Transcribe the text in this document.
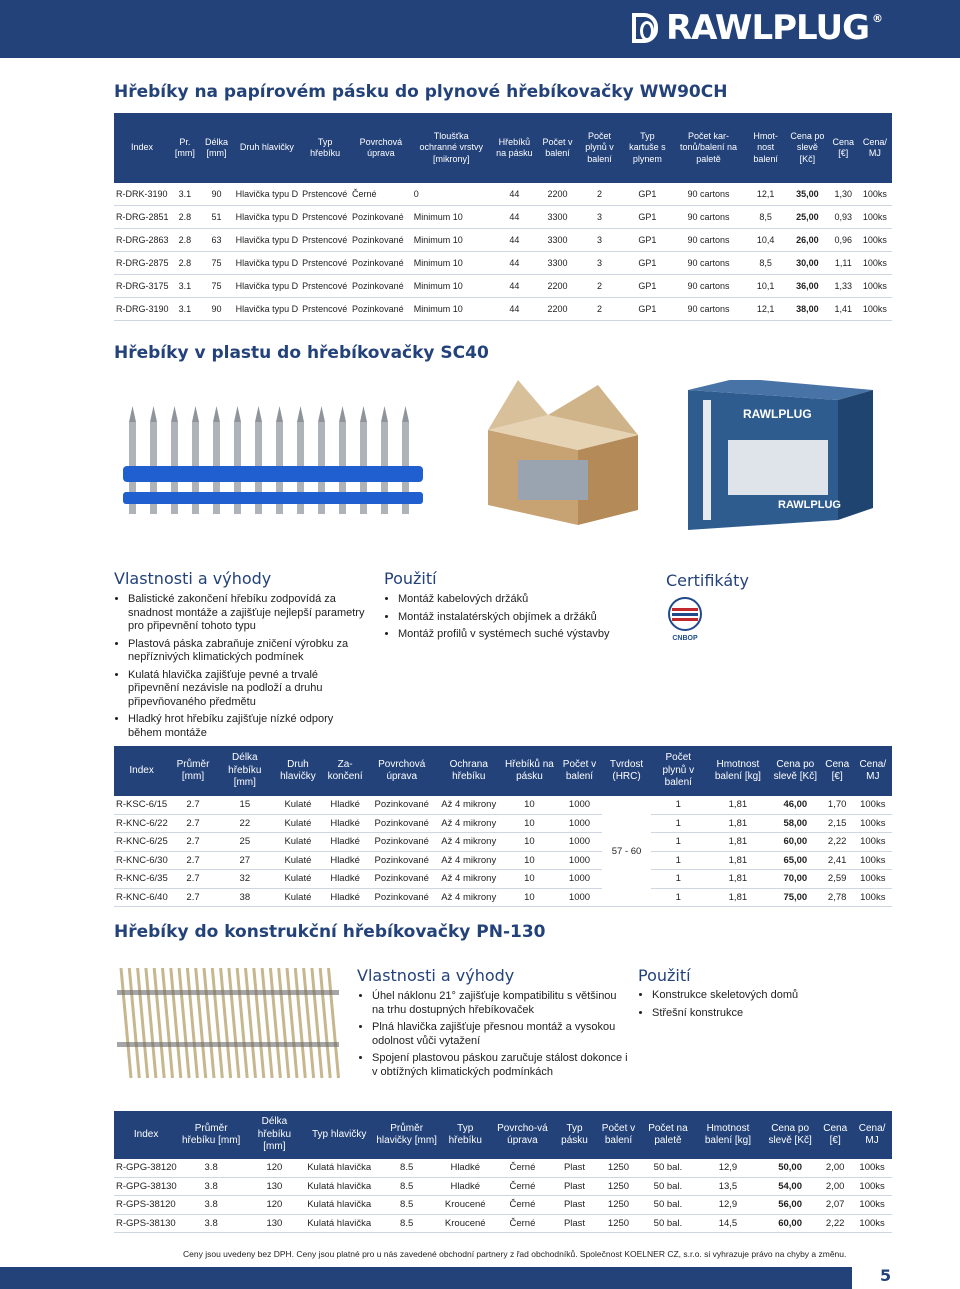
RAWLPLUG ®
Hřebíky na papírovém pásku do plynové hřebíkovačky WW90CH
Index	Pr. [mm]	Délka [mm]	Druh hlavičky	Typ hřebíku	Povrchová úprava	Tloušťka ochranné vrstvy [mikrony]	Hřebíků na pásku	Počet v balení	Počet plynů v balení	Typ kartuše s plynem	Počet kar-tonů/balení na paletě	Hmot-nost balení	Cena po slevě [Kč]	Cena [€]	Cena/ MJ
R-DRK-3190	3.1	90	Hlavička typu D	Prstencové	Černé	0	44	2200	2	GP1	90 cartons	12,1	35,00	1,30	100ks
R-DRG-2851	2.8	51	Hlavička typu D	Prstencové	Pozinkované	Minimum 10	44	3300	3	GP1	90 cartons	8,5	25,00	0,93	100ks
R-DRG-2863	2.8	63	Hlavička typu D	Prstencové	Pozinkované	Minimum 10	44	3300	3	GP1	90 cartons	10,4	26,00	0,96	100ks
R-DRG-2875	2.8	75	Hlavička typu D	Prstencové	Pozinkované	Minimum 10	44	3300	3	GP1	90 cartons	8,5	30,00	1,11	100ks
R-DRG-3175	3.1	75	Hlavička typu D	Prstencové	Pozinkované	Minimum 10	44	2200	2	GP1	90 cartons	10,1	36,00	1,33	100ks
R-DRG-3190	3.1	90	Hlavička typu D	Prstencové	Pozinkované	Minimum 10	44	2200	2	GP1	90 cartons	12,1	38,00	1,41	100ks
Hřebíky v plastu do hřebíkovačky SC40
RAWLPLUG
RAWLPLUG
Vlastnosti a výhody
• Balistické zakončení hřebíku zodpovídá za snadnost montáže a zajišťuje nejlepší parametry pro připevnění tohoto typu
• Plastová páska zabraňuje zničení výrobku za nepříznivých klimatických podmínek
• Kulatá hlavička zajišťuje pevné a trvalé připevnění nezávisle na podloží a druhu připevňovaného předmětu
• Hladký hrot hřebíku zajišťuje nízké odpory během montáže
Použití
• Montáž kabelových držáků
• Montáž instalatérských objímek a držáků
• Montáž profilů v systémech suché výstavby
Certifikáty
CNBOP
Index	Průměr [mm]	Délka hřebíku [mm]	Druh hlavičky	Za-končení	Povrchová úprava	Ochrana hřebíku	Hřebíků na pásku	Počet v balení	Tvrdost (HRC)	Počet plynů v balení	Hmotnost balení [kg]	Cena po slevě [Kč]	Cena [€]	Cena/ MJ
R-KSC-6/15	2.7	15	Kulaté	Hladké	Pozinkované	Až 4 mikrony	10	1000	57 - 60	1	1,81	46,00	1,70	100ks
R-KNC-6/22	2.7	22	Kulaté	Hladké	Pozinkované	Až 4 mikrony	10	1000		1	1,81	58,00	2,15	100ks
R-KNC-6/25	2.7	25	Kulaté	Hladké	Pozinkované	Až 4 mikrony	10	1000		1	1,81	60,00	2,22	100ks
R-KNC-6/30	2.7	27	Kulaté	Hladké	Pozinkované	Až 4 mikrony	10	1000		1	1,81	65,00	2,41	100ks
R-KNC-6/35	2.7	32	Kulaté	Hladké	Pozinkované	Až 4 mikrony	10	1000		1	1,81	70,00	2,59	100ks
R-KNC-6/40	2.7	38	Kulaté	Hladké	Pozinkované	Až 4 mikrony	10	1000		1	1,81	75,00	2,78	100ks
Hřebíky do konstrukční hřebíkovačky PN-130
Vlastnosti a výhody
• Úhel náklonu 21° zajišťuje kompatibilitu s většinou na trhu dostupných hřebíkovaček
• Plná hlavička zajišťuje přesnou montáž a vysokou odolnost vůči vytažení
• Spojení plastovou páskou zaručuje stálost dokonce i v obtížných klimatických podmínkách
Použití
• Konstrukce skeletových domů
• Střešní konstrukce
Index	Průměr hřebíku [mm]	Délka hřebíku [mm]	Typ hlavičky	Průměr hlavičky [mm]	Typ hřebíku	Povrcho-vá úprava	Typ pásku	Počet v balení	Počet na paletě	Hmotnost balení [kg]	Cena po slevě [Kč]	Cena [€]	Cena/ MJ
R-GPG-38120	3.8	120	Kulatá hlavička	8.5	Hladké	Černé	Plast	1250	50 bal.	12,9	50,00	2,00	100ks
R-GPG-38130	3.8	130	Kulatá hlavička	8.5	Hladké	Černé	Plast	1250	50 bal.	13,5	54,00	2,00	100ks
R-GPS-38120	3.8	120	Kulatá hlavička	8.5	Kroucené	Černé	Plast	1250	50 bal.	12,9	56,00	2,07	100ks
R-GPS-38130	3.8	130	Kulatá hlavička	8.5	Kroucené	Černé	Plast	1250	50 bal.	14,5	60,00	2,22	100ks
Ceny jsou uvedeny bez DPH. Ceny jsou platné pro u nás zavedené obchodní partnery z řad obchodníků. Společnost KOELNER CZ, s.r.o. si vyhrazuje právo na chyby a změnu.
5
